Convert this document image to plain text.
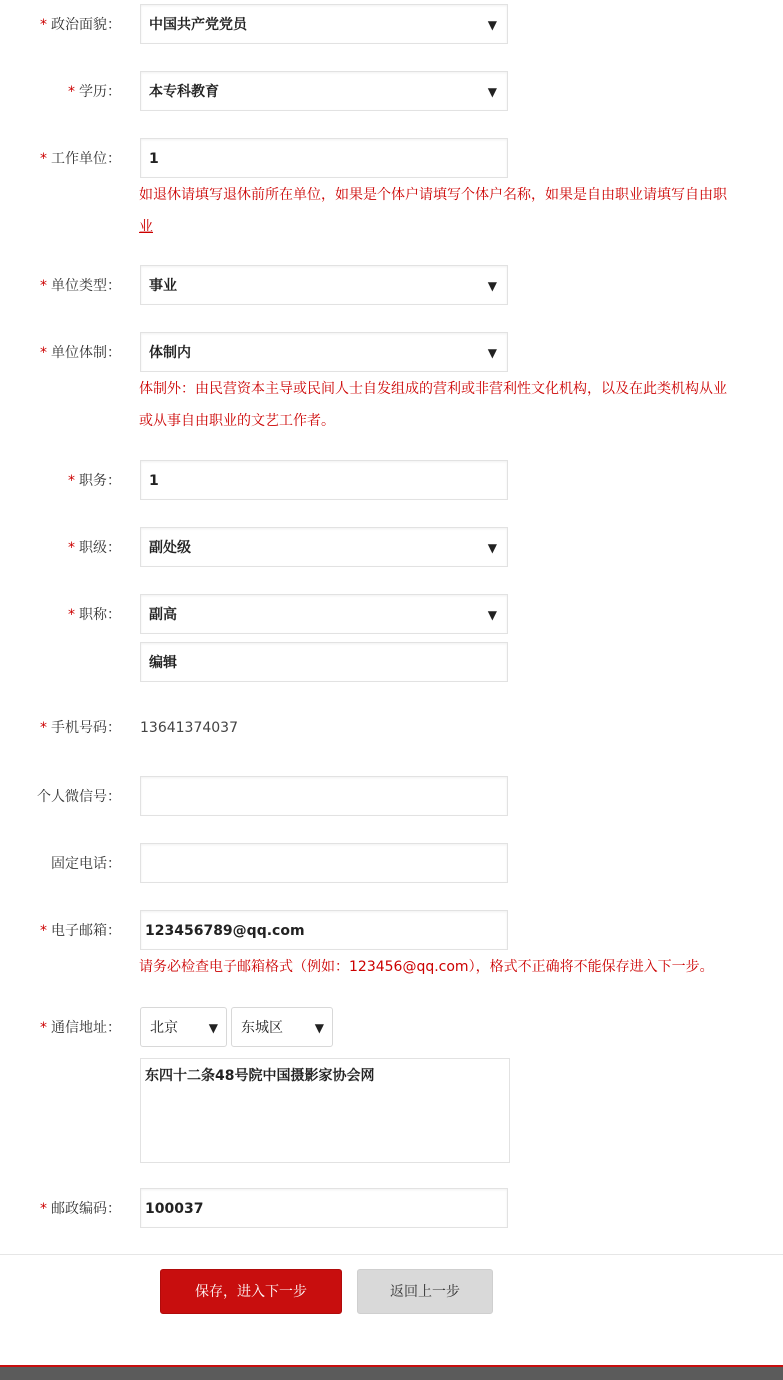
* 政治面貌： 中国共产党党员	▼
* 学历： 本专科教育	▼
* 工作单位： 1
如退休请填写退休前所在单位，如果是个体户请填写个体户名称，如果是自由职业请填写自由职
业
* 单位类型： 事业	▼
* 单位体制： 体制内	▼
体制外：由民营资本主导或民间人士自发组成的营利或非营利性文化机构，以及在此类机构从业
或从事自由职业的文艺工作者。
* 职务： 1
* 职级： 副处级	▼
* 职称： 副高	▼
编辑
* 手机号码： 13641374037
个人微信号：
固定电话：
* 电子邮箱： 123456789@qq.com
请务必检查电子邮箱格式（例如：123456@qq.com），格式不正确将不能保存进入下一步。
* 通信地址： 北京	▼ 东城区	▼
东四十二条48号院中国摄影家协会网
* 邮政编码： 100037
保存，进入下一步	返回上一步
